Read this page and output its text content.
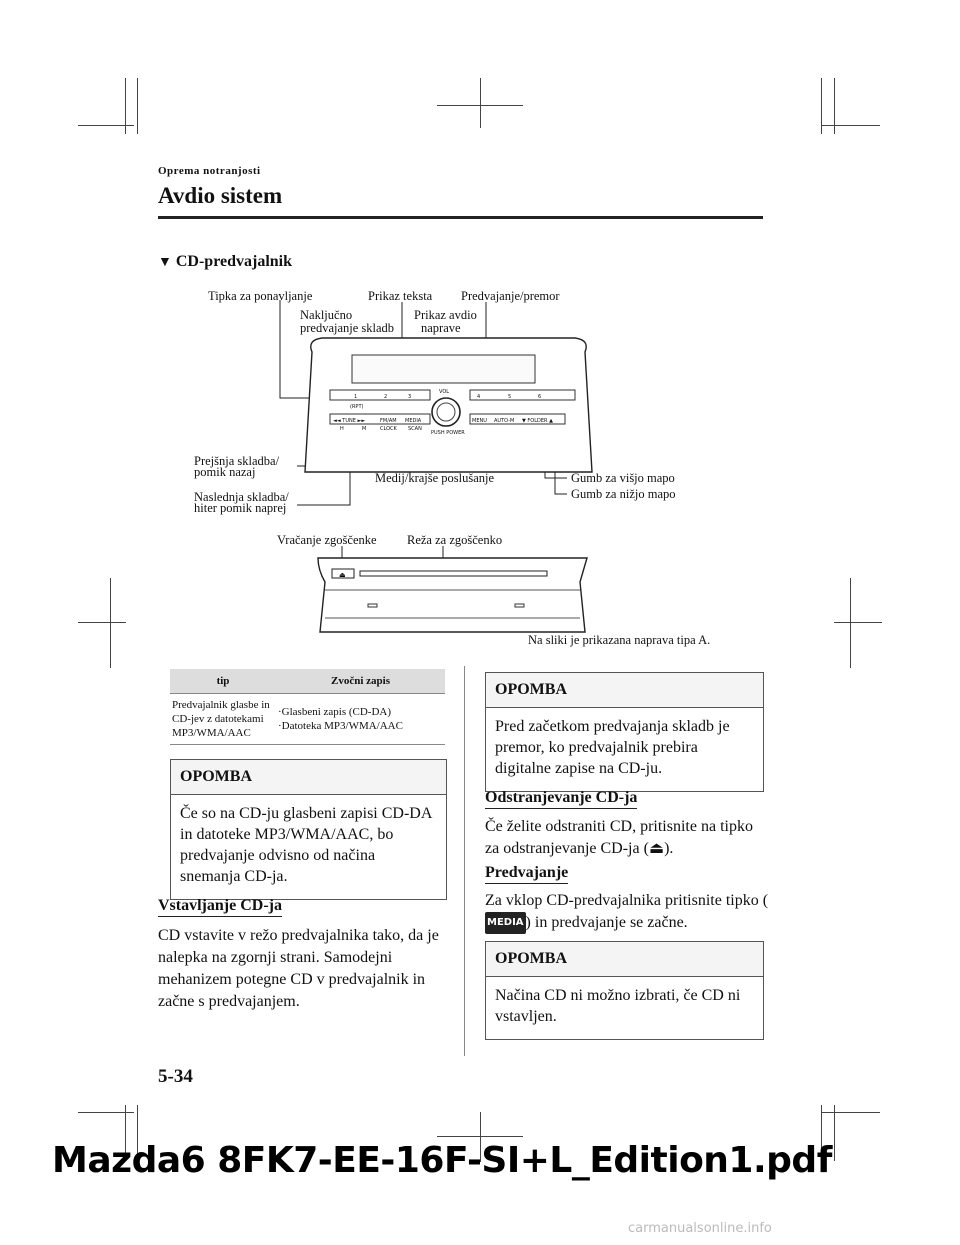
Oprema notranjosti
Avdio sistem
▼ CD-predvajalnik
1	2	3	4	5	6
(RPT)
VOL
◄◄ TUNE ►►	FM/AM MEDIA	MENU AUTO-M ▼ FOLDER ▲
H	M	CLOCK SCAN
PUSH POWER
⏏
Tipka za ponavljanje
Naključno
predvajanje skladb
Prikaz teksta
Prikaz avdio
naprave
Predvajanje/premor
Prejšnja skladba/
pomik nazaj
Naslednja skladba/
hiter pomik naprej
Medij/krajše poslušanje	Gumb za višjo mapo
Gumb za nižjo mapo
Vračanje zgoščenke Reža za zgoščenko
Na sliki je prikazana naprava tipa A.
tip	Zvočni zapis
Predvajalnik glasbe in CD-jev z datotekami MP3/WMA/AAC	·Glasbeni zapis (CD-DA)
·Datoteka MP3/WMA/AAC
OPOMBA
Če so na CD-ju glasbeni zapisi CD-DA in datoteke MP3/WMA/AAC, bo predvajanje odvisno od načina snemanja CD-ja.
Vstavljanje CD-ja
CD vstavite v režo predvajalnika tako, da je nalepka na zgornji strani. Samodejni mehanizem potegne CD v predvajalnik in začne s predvajanjem.
OPOMBA
Pred začetkom predvajanja skladb je premor, ko predvajalnik prebira digitalne zapise na CD-ju.
Odstranjevanje CD-ja
Če želite odstraniti CD, pritisnite na tipko za odstranjevanje CD-ja (⏏).
Predvajanje
Za vklop CD-predvajalnika pritisnite tipko (MEDIA ) in predvajanje se začne.
OPOMBA
Načina CD ni možno izbrati, če CD ni vstavljen.
5-34
Mazda6 8FK7-EE-16F-SI+L_Edition1.pdf
carmanualsonline.info
